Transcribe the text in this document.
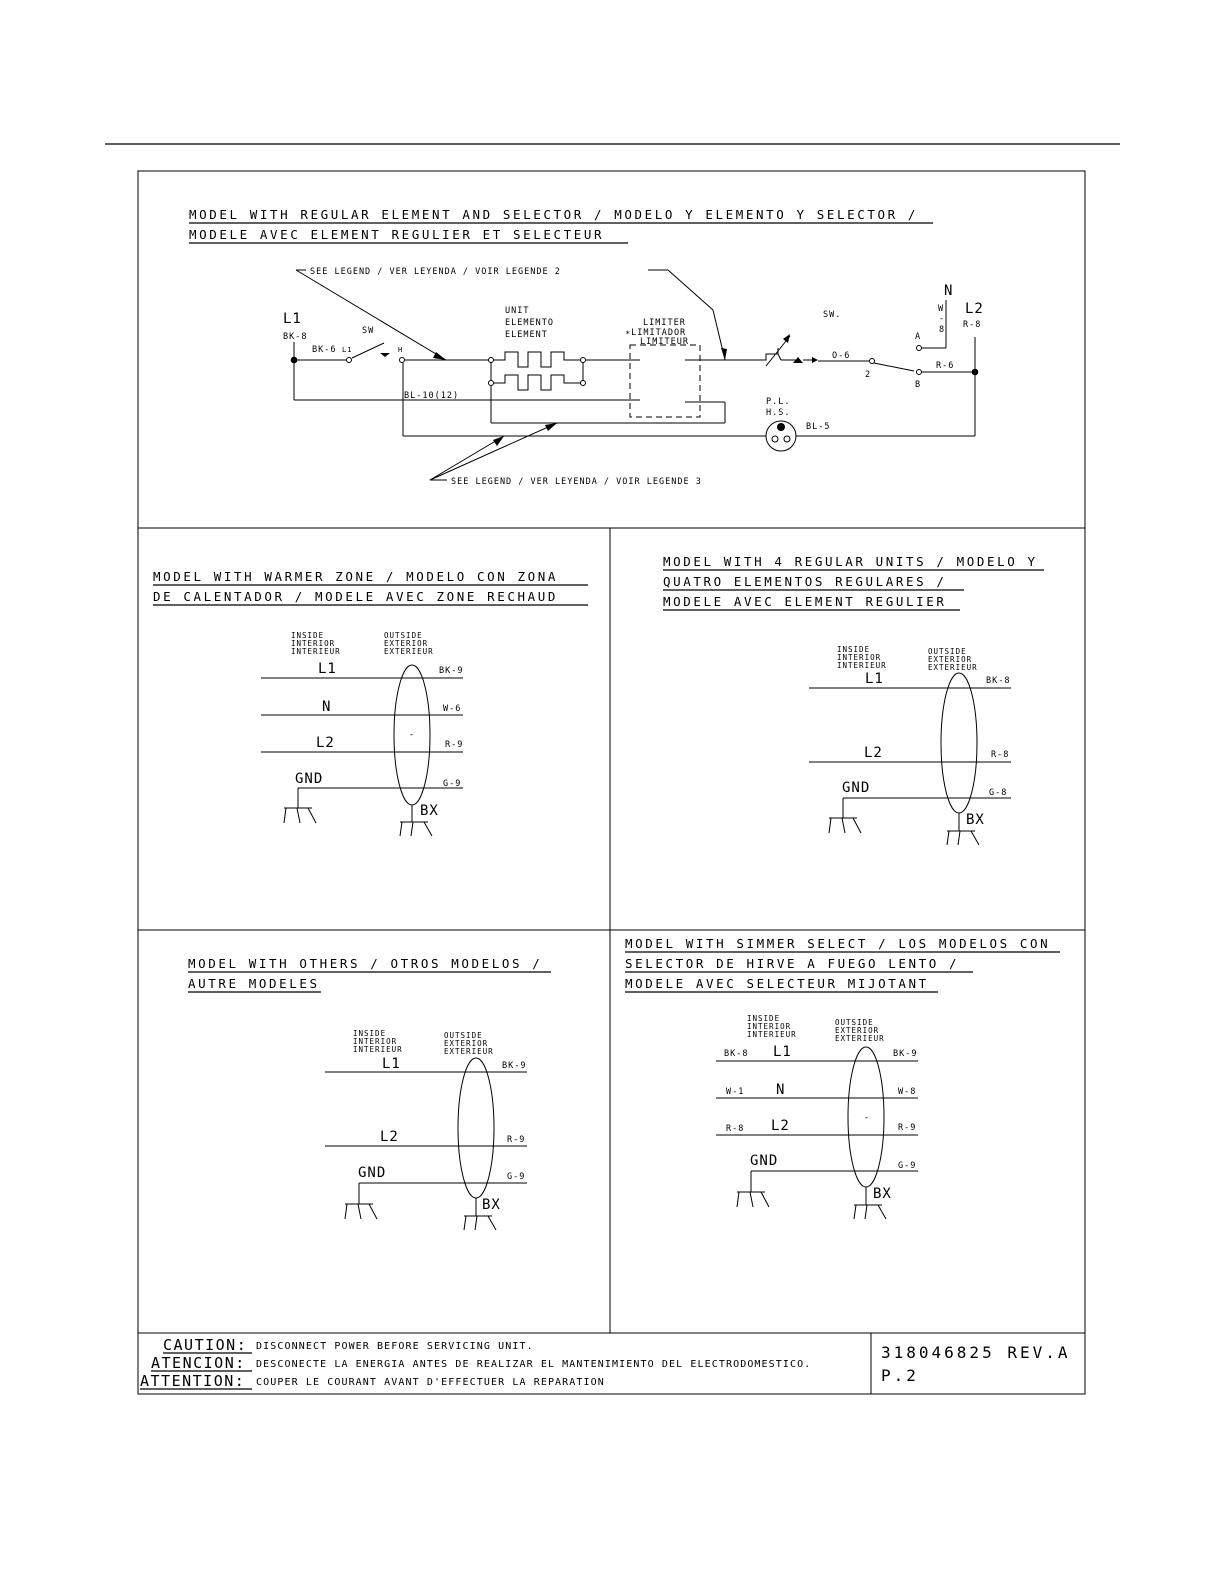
MODEL WITH REGULAR ELEMENT AND SELECTOR / MODELO Y ELEMENTO Y SELECTOR /
MODELE AVEC ELEMENT REGULIER ET SELECTEUR
SEE LEGEND / VER LEYENDA / VOIR LEGENDE 2
L1
BK-8
SW
BK-6 L1	H
UNIT
ELEMENTO
ELEMENT
BL-10(12)
LIMITER
∗LIMITADOR
LIMITEUR
SW.
O-6
2
A
B
R-6
N
W
-
8
L2
R-8
P.L.
H.S.
BL-5
SEE LEGEND / VER LEYENDA / VOIR LEGENDE 3
MODEL WITH WARMER ZONE / MODELO CON ZONA
DE CALENTADOR / MODELE AVEC ZONE RECHAUD
INSIDE
INTERIOR
INTERIEUR
OUTSIDE
EXTERIOR
EXTERIEUR
L1
N
L2
GND
BK-9
W-6
R-9
G-9
-
BX
MODEL WITH 4 REGULAR UNITS / MODELO Y
QUATRO ELEMENTOS REGULARES /
MODELE AVEC ELEMENT REGULIER
INSIDE
INTERIOR
INTERIEUR
OUTSIDE
EXTERIOR
EXTERIEUR
L1
L2
GND
BK-8
R-8
G-8
BX
MODEL WITH OTHERS / OTROS MODELOS /
AUTRE MODELES
INSIDE
INTERIOR
INTERIEUR
OUTSIDE
EXTERIOR
EXTERIEUR
L1
L2
GND
BK-9
R-9
G-9
BX
MODEL WITH SIMMER SELECT / LOS MODELOS CON
SELECTOR DE HIRVE A FUEGO LENTO /
MODELE AVEC SELECTEUR MIJOTANT
INSIDE
INTERIOR
INTERIEUR
OUTSIDE
EXTERIOR
EXTERIEUR
L1
N
L2
GND
BK-8
W-1
R-8
BK-9
W-8
R-9
G-9
-
BX
CAUTION: DISCONNECT POWER BEFORE SERVICING UNIT.
ATENCION: DESCONECTE LA ENERGIA ANTES DE REALIZAR EL MANTENIMIENTO DEL ELECTRODOMESTICO.
ATTENTION: COUPER LE COURANT AVANT D'EFFECTUER LA REPARATION
318046825 REV.A
P.2
